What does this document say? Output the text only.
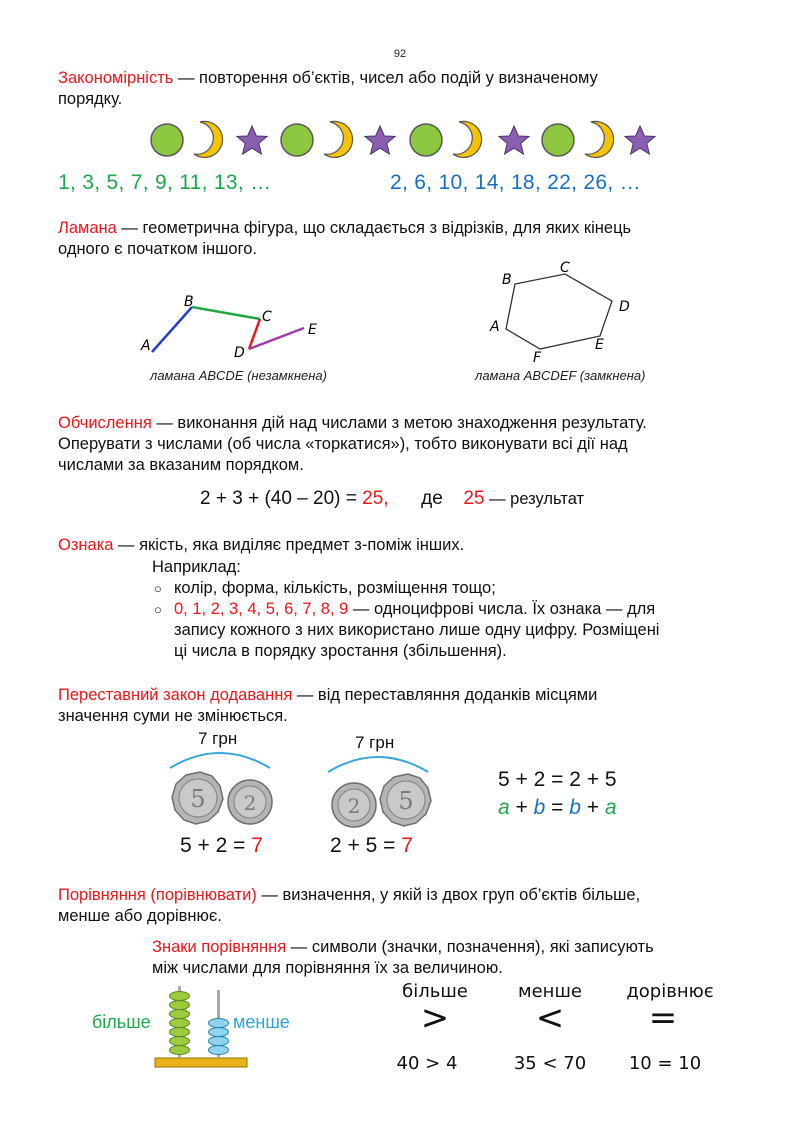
92
Закономірність — повторення об’єктів, чисел або подій у визначеному
порядку.
1, 3, 5, 7, 9, 11, 13, …	2, 6, 10, 14, 18, 22, 26, …
Ламана — геометрична фігура, що складається з відрізків, для яких кінець
одного є початком іншого.
A
B
C
D
E
ламана ABCDE (незамкнена)
A
B
C
D
E
F
ламана ABCDEF (замкнена)
Обчислення — виконання дій над числами з метою знаходження результату.
Оперувати з числами (об числа «торкатися»), тобто виконувати всі дії над
числами за вказаним порядком.
2 + 3 + (40 – 20) = 25, де 25 — результат
Ознака — якість, яка виділяє предмет з-поміж інших.
Наприклад:
○ колір, форма, кількість, розміщення тощо;
○ 0, 1, 2, 3, 4, 5, 6, 7, 8, 9 — одноцифрові числа. Їх ознака — для
запису кожного з них використано лише одну цифру. Розміщені
ці числа в порядку зростання (збільшення).
Переставний закон додавання — від переставляння доданків місцями
значення суми не змінюється.
7 грн
5 2
5 + 2 = 7
7 грн
2 5
2 + 5 = 7
5 + 2 = 2 + 5
a + b = b + a
Порівняння (порівнювати) — визначення, у якій із двох груп об’єктів більше,
менше або дорівнює.
Знаки порівняння — символи (значки, позначення), які записують
між числами для порівняння їх за величиною.
більше	менше
більше	менше	дорівнює
>	<	=
40 > 4	35 < 70	10 = 10
